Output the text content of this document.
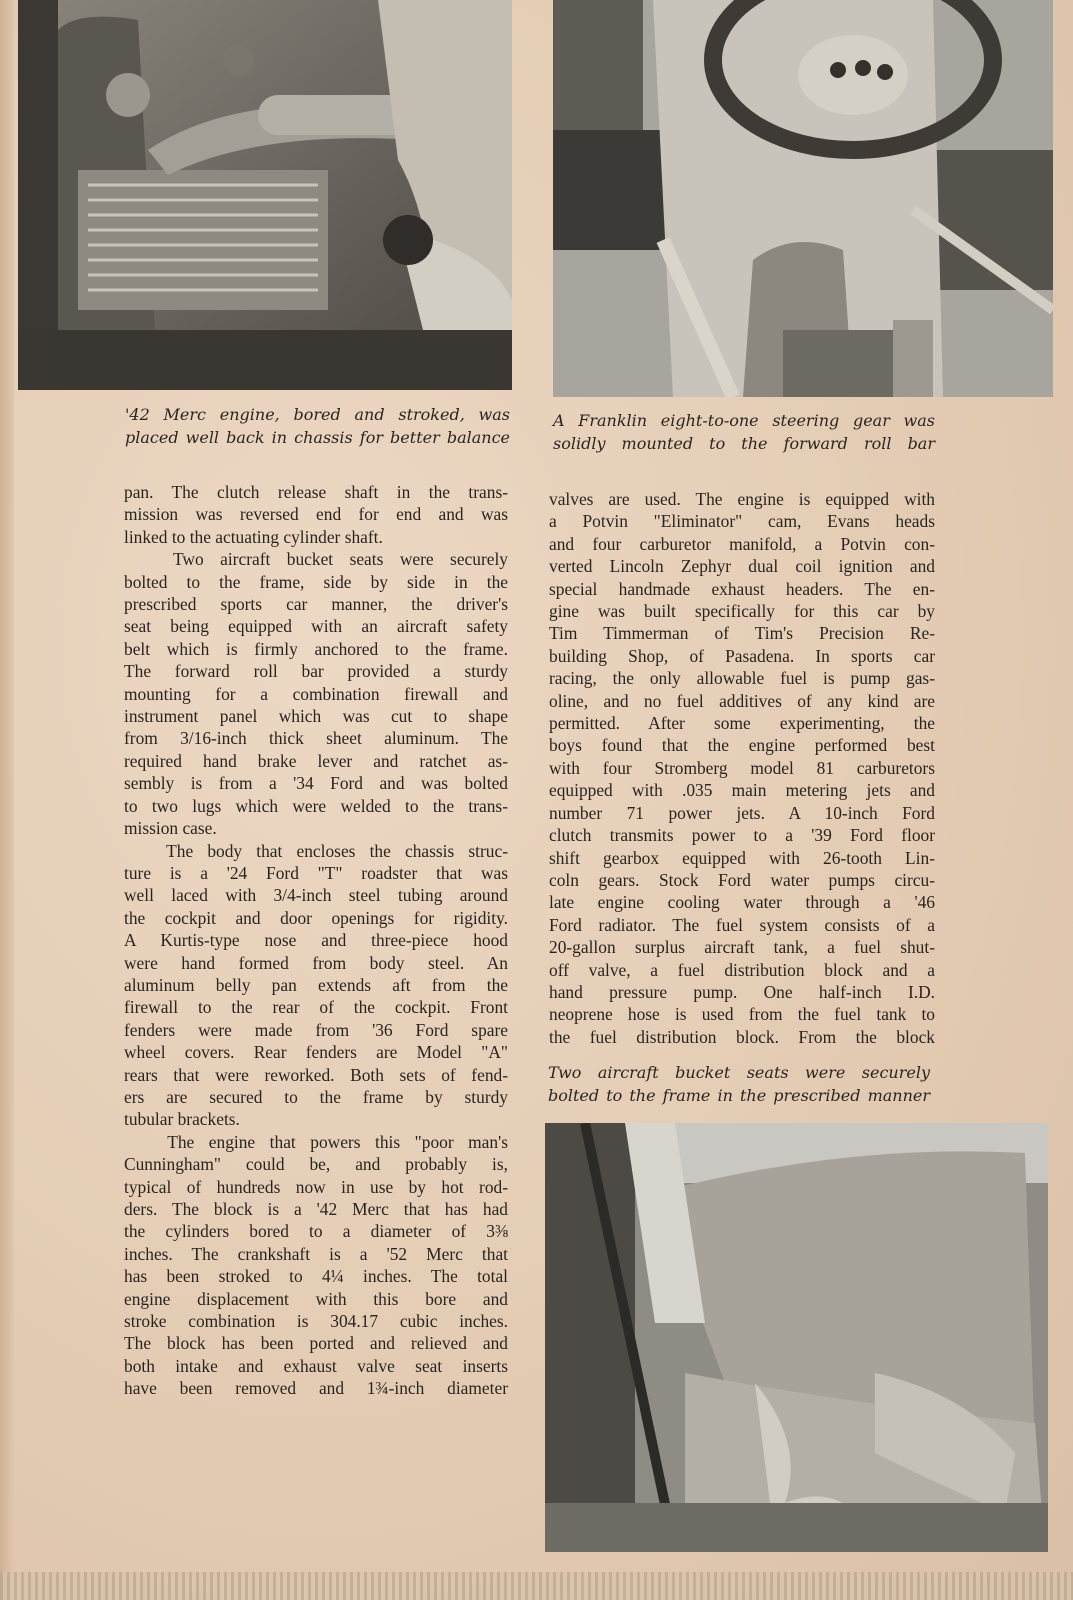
'42 Merc engine, bored and stroked, was
placed well back in chassis for better balance
A Franklin eight-to-one steering gear was
solidly mounted to the forward roll bar
pan. The clutch release shaft in the trans-
mission was reversed end for end and was
linked to the actuating cylinder shaft.
Two aircraft bucket seats were securely
bolted to the frame, side by side in the
prescribed sports car manner, the driver's
seat being equipped with an aircraft safety
belt which is firmly anchored to the frame.
The forward roll bar provided a sturdy
mounting for a combination firewall and
instrument panel which was cut to shape
from 3/16-inch thick sheet aluminum. The
required hand brake lever and ratchet as-
sembly is from a '34 Ford and was bolted
to two lugs which were welded to the trans-
mission case.
The body that encloses the chassis struc-
ture is a '24 Ford "T" roadster that was
well laced with 3/4-inch steel tubing around
the cockpit and door openings for rigidity.
A Kurtis-type nose and three-piece hood
were hand formed from body steel. An
aluminum belly pan extends aft from the
firewall to the rear of the cockpit. Front
fenders were made from '36 Ford spare
wheel covers. Rear fenders are Model "A"
rears that were reworked. Both sets of fend-
ers are secured to the frame by sturdy
tubular brackets.
The engine that powers this "poor man's
Cunningham" could be, and probably is,
typical of hundreds now in use by hot rod-
ders. The block is a '42 Merc that has had
the cylinders bored to a diameter of 3⅜
inches. The crankshaft is a '52 Merc that
has been stroked to 4¼ inches. The total
engine displacement with this bore and
stroke combination is 304.17 cubic inches.
The block has been ported and relieved and
both intake and exhaust valve seat inserts
have been removed and 1¾-inch diameter
valves are used. The engine is equipped with
a Potvin "Eliminator" cam, Evans heads
and four carburetor manifold, a Potvin con-
verted Lincoln Zephyr dual coil ignition and
special handmade exhaust headers. The en-
gine was built specifically for this car by
Tim Timmerman of Tim's Precision Re-
building Shop, of Pasadena. In sports car
racing, the only allowable fuel is pump gas-
oline, and no fuel additives of any kind are
permitted. After some experimenting, the
boys found that the engine performed best
with four Stromberg model 81 carburetors
equipped with .035 main metering jets and
number 71 power jets. A 10-inch Ford
clutch transmits power to a '39 Ford floor
shift gearbox equipped with 26-tooth Lin-
coln gears. Stock Ford water pumps circu-
late engine cooling water through a '46
Ford radiator. The fuel system consists of a
20-gallon surplus aircraft tank, a fuel shut-
off valve, a fuel distribution block and a
hand pressure pump. One half-inch I.D.
neoprene hose is used from the fuel tank to
the fuel distribution block. From the block
Two aircraft bucket seats were securely
bolted to the frame in the prescribed manner
